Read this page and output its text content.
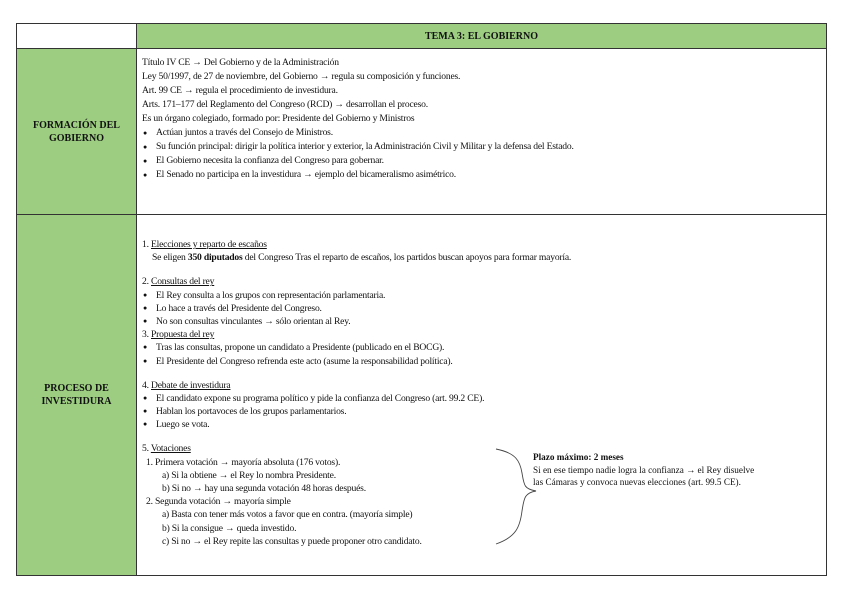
TEMA 3: EL GOBIERNO
FORMACIÓN DEL GOBIERNO
Título IV CE → Del Gobierno y de la Administración
Ley 50/1997, de 27 de noviembre, del Gobierno → regula su composición y funciones.
Art. 99 CE → regula el procedimiento de investidura.
Arts. 171–177 del Reglamento del Congreso (RCD) → desarrollan el proceso.
Es un órgano colegiado, formado por: Presidente del Gobierno y Ministros
● Actúan juntos a través del Consejo de Ministros.
● Su función principal: dirigir la política interior y exterior, la Administración Civil y Militar y la defensa del Estado.
● El Gobierno necesita la confianza del Congreso para gobernar.
● El Senado no participa en la investidura → ejemplo del bicameralismo asimétrico.
PROCESO DE INVESTIDURA
1. Elecciones y reparto de escaños
Se eligen 350 diputados del Congreso Tras el reparto de escaños, los partidos buscan apoyos para formar mayoría.
2. Consultas del rey
● El Rey consulta a los grupos con representación parlamentaria.
● Lo hace a través del Presidente del Congreso.
● No son consultas vinculantes → sólo orientan al Rey.
3. Propuesta del rey
● Tras las consultas, propone un candidato a Presidente (publicado en el BOCG).
● El Presidente del Congreso refrenda este acto (asume la responsabilidad política).
4. Debate de investidura
● El candidato expone su programa político y pide la confianza del Congreso (art. 99.2 CE).
● Hablan los portavoces de los grupos parlamentarios.
● Luego se vota.
5. Votaciones
1. Primera votación → mayoría absoluta (176 votos).
a) Si la obtiene → el Rey lo nombra Presidente.
b) Si no → hay una segunda votación 48 horas después.
2. Segunda votación → mayoría simple
a) Basta con tener más votos a favor que en contra. (mayoría simple)
b) Si la consigue → queda investido.
c) Si no → el Rey repite las consultas y puede proponer otro candidato.
Plazo máximo: 2 meses
Si en ese tiempo nadie logra la confianza → el Rey disuelve
las Cámaras y convoca nuevas elecciones (art. 99.5 CE).
